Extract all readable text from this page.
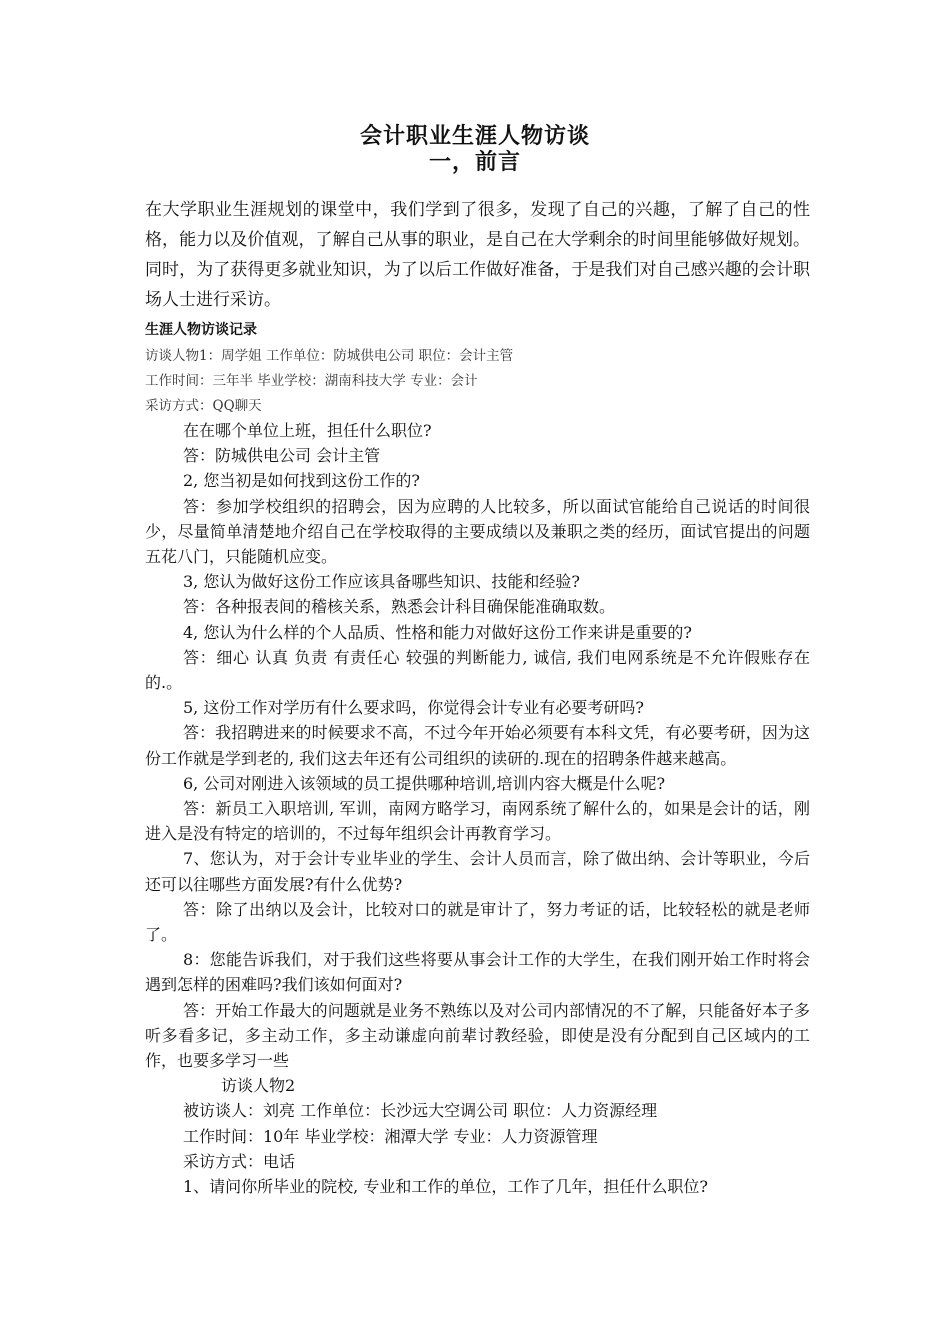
会计职业生涯人物访谈
一，前言

在大学职业生涯规划的课堂中，我们学到了很多，发现了自己的兴趣，了解了自己的性格，能力以及价值观，了解自己从事的职业，是自己在大学剩余的时间里能够做好规划。同时，为了获得更多就业知识，为了以后工作做好准备，于是我们对自己感兴趣的会计职场人士进行采访。

生涯人物访谈记录
访谈人物1：周学姐 工作单位：防城供电公司 职位：会计主管
工作时间：三年半 毕业学校：湖南科技大学 专业：会计
采访方式：QQ聊天

在在哪个单位上班，担任什么职位?

答：防城供电公司 会计主管

2, 您当初是如何找到这份工作的?

答：参加学校组织的招聘会，因为应聘的人比较多，所以面试官能给自己说话的时间很少，尽量简单清楚地介绍自己在学校取得的主要成绩以及兼职之类的经历，面试官提出的问题五花八门，只能随机应变。

3, 您认为做好这份工作应该具备哪些知识、技能和经验?

答：各种报表间的稽核关系，熟悉会计科目确保能准确取数。

4, 您认为什么样的个人品质、性格和能力对做好这份工作来讲是重要的?

答：细心 认真 负责 有责任心 较强的判断能力, 诚信, 我们电网系统是不允许假账存在的.。

5, 这份工作对学历有什么要求吗，你觉得会计专业有必要考研吗?

答：我招聘进来的时候要求不高，不过今年开始必须要有本科文凭，有必要考研，因为这份工作就是学到老的, 我们这去年还有公司组织的读研的.现在的招聘条件越来越高。

6, 公司对刚进入该领域的员工提供哪种培训,培训内容大概是什么呢?

答：新员工入职培训, 军训，南网方略学习，南网系统了解什么的，如果是会计的话，刚进入是没有特定的培训的，不过每年组织会计再教育学习。

7、您认为，对于会计专业毕业的学生、会计人员而言，除了做出纳、会计等职业，今后还可以往哪些方面发展?有什么优势?

答：除了出纳以及会计，比较对口的就是审计了，努力考证的话，比较轻松的就是老师了。

8：您能告诉我们，对于我们这些将要从事会计工作的大学生，在我们刚开始工作时将会遇到怎样的困难吗?我们该如何面对?

答：开始工作最大的问题就是业务不熟练以及对公司内部情况的不了解，只能备好本子多听多看多记，多主动工作，多主动谦虚向前辈讨教经验，即使是没有分配到自己区域内的工作，也要多学习一些

访谈人物2

被访谈人：刘亮 工作单位：长沙远大空调公司 职位：人力资源经理

工作时间：10年 毕业学校：湘潭大学 专业：人力资源管理

采访方式：电话

1、请问你所毕业的院校, 专业和工作的单位，工作了几年，担任什么职位?
